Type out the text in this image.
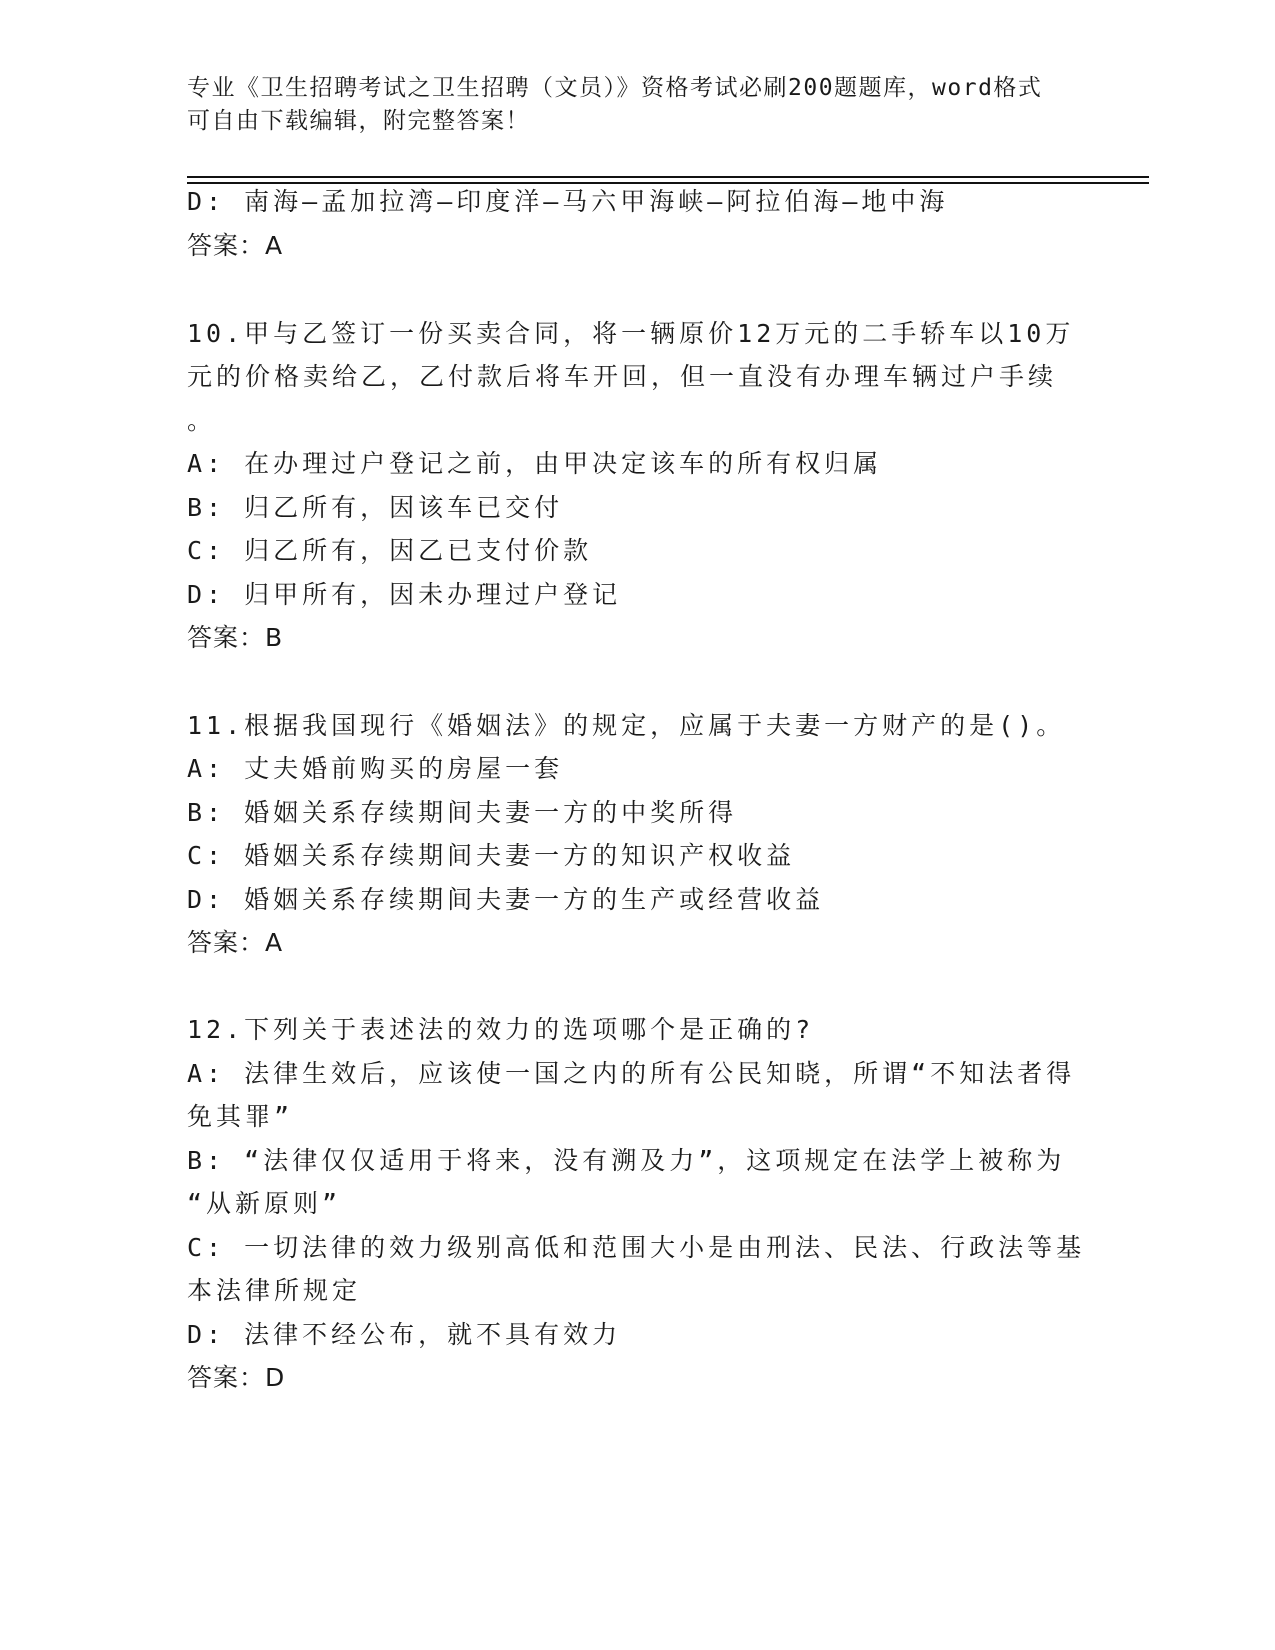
专业《卫生招聘考试之卫生招聘（文员）》资格考试必刷200题题库，word格式
可自由下载编辑，附完整答案！
D: 南海—孟加拉湾—印度洋—马六甲海峡—阿拉伯海—地中海
答案：A
10.甲与乙签订一份买卖合同，将一辆原价12万元的二手轿车以10万
元的价格卖给乙，乙付款后将车开回，但一直没有办理车辆过户手续
。
A: 在办理过户登记之前，由甲决定该车的所有权归属
B: 归乙所有，因该车已交付
C: 归乙所有，因乙已支付价款
D: 归甲所有，因未办理过户登记
答案：B
11.根据我国现行《婚姻法》的规定，应属于夫妻一方财产的是()。
A: 丈夫婚前购买的房屋一套
B: 婚姻关系存续期间夫妻一方的中奖所得
C: 婚姻关系存续期间夫妻一方的知识产权收益
D: 婚姻关系存续期间夫妻一方的生产或经营收益
答案：A
12.下列关于表述法的效力的选项哪个是正确的?
A: 法律生效后，应该使一国之内的所有公民知晓，所谓“不知法者得
免其罪”
B: “法律仅仅适用于将来，没有溯及力”，这项规定在法学上被称为
“从新原则”
C: 一切法律的效力级别高低和范围大小是由刑法、民法、行政法等基
本法律所规定
D: 法律不经公布，就不具有效力
答案：D
